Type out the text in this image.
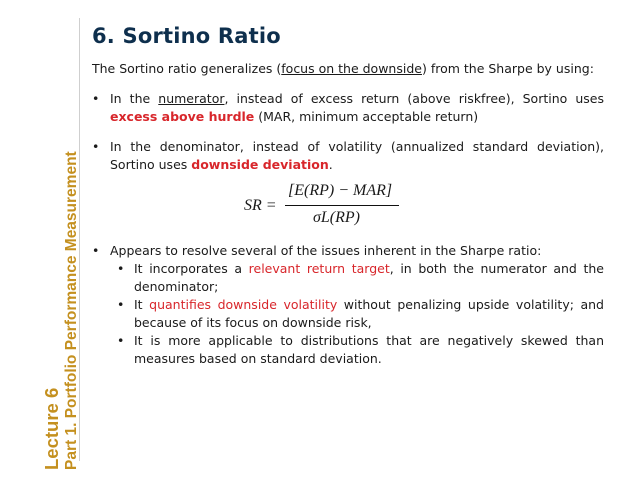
Lecture 6 Part 1. Portfolio Performance Measurement
6. Sortino Ratio

The Sortino ratio generalizes (focus on the downside) from the Sharpe by using:

• In the numerator, instead of excess return (above riskfree), Sortino uses excess above hurdle (MAR, minimum acceptable return)
• In the denominator, instead of volatility (annualized standard deviation), Sortino uses downside deviation.
SR =
[E(RP) − MAR]
σL(RP)
• Appears to resolve several of the issues inherent in the Sharpe ratio:
• It incorporates a relevant return target, in both the numerator and the denominator;
• It quantifies downside volatility without penalizing upside volatility; and because of its focus on downside risk,
• It is more applicable to distributions that are negatively skewed than measures based on standard deviation.
